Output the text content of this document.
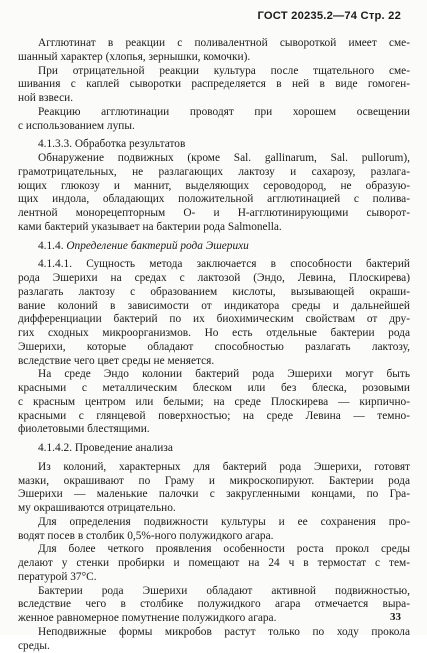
ГОСТ 20235.2—74 Стр. 22
Агглютинат в реакции с поливалентной сывороткой имеет сме-
шанный характер (хлопья, зернышки, комочки).
При отрицательной реакции культура после тщательного сме-
шивания с каплей сыворотки распределяется в ней в виде гомоген-
ной взвеси.
Реакцию агглютинации проводят при хорошем освещении
с использованием лупы.
4.1.3.3. Обработка результатов
Обнаружение подвижных (кроме Sal. gallinarum, Sal. pullorum),
грамотрицательных, не разлагающих лактозу и сахарозу, разлага-
ющих глюкозу и маннит, выделяющих сероводород, не образую-
щих индола, обладающих положительной агглютинацией с полива-
лентной монорецепторным О- и Н-агглютинирующими сыворот-
ками бактерий указывает на бактерии рода Salmonella.
4.1.4. Определение бактерий рода Эшерихи
4.1.4.1. Сущность метода заключается в способности бактерий
рода Эшерихи на средах с лактозой (Эндо, Левина, Плоскирева)
разлагать лактозу с образованием кислоты, вызывающей окраши-
вание колоний в зависимости от индикатора среды и дальнейшей
дифференциации бактерий по их биохимическим свойствам от дру-
гих сходных микроорганизмов. Но есть отдельные бактерии рода
Эшерихи, которые обладают способностью разлагать лактозу,
вследствие чего цвет среды не меняется.
На среде Эндо колонии бактерий рода Эшерихи могут быть
красными с металлическим блеском или без блеска, розовыми
с красным центром или белыми; на среде Плоскирева — кирпично-
красными с глянцевой поверхностью; на среде Левина — темно-
фиолетовыми блестящими.
4.1.4.2. Проведение анализа
Из колоний, характерных для бактерий рода Эшерихи, готовят
мазки, окрашивают по Граму и микроскопируют. Бактерии рода
Эшерихи — маленькие палочки с закругленными концами, по Гра-
му окрашиваются отрицательно.
Для определения подвижности культуры и ее сохранения про-
водят посев в столбик 0,5%-ного полужидкого агара.
Для более четкого проявления особенности роста прокол среды
делают у стенки пробирки и помещают на 24 ч в термостат с тем-
пературой 37°С.
Бактерии рода Эшерихи обладают активной подвижностью,
вследствие чего в столбике полужидкого агара отмечается выра-
женное равномерное помутнение полужидкого агара.
Неподвижные формы микробов растут только по ходу прокола
среды.
33
